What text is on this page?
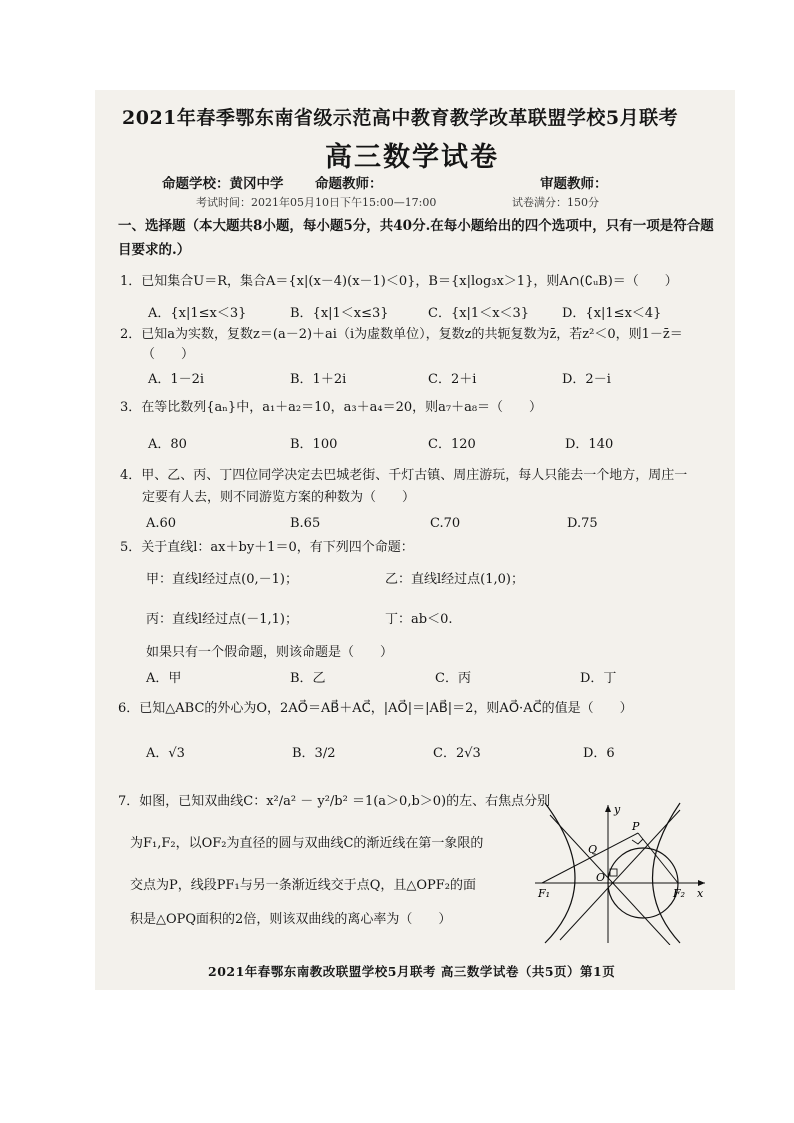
2021年春季鄂东南省级示范高中教育教学改革联盟学校5月联考
高三数学试卷
命题学校：黄冈中学 命题教师：	审题教师：
考试时间：2021年05月10日下午15:00—17:00	试卷满分：150分
一、选择题（本大题共8小题，每小题5分，共40分.在每小题给出的四个选项中，只有一项是符合题目要求的.）
1．已知集合U＝R，集合A＝{x|(x－4)(x－1)＜0}，B＝{x|log₃x＞1}，则A∩(∁ᵤB)＝（　　）
A．{x|1≤x＜3}	B．{x|1＜x≤3}	C．{x|1＜x＜3}	D．{x|1≤x＜4}
2．已知a为实数，复数z＝(a－2)＋ai（i为虚数单位），复数z的共轭复数为z̄，若z²＜0，则1－z̄＝
（　　）
A．1－2i	B．1＋2i	C．2＋i	D．2－i
3．在等比数列{aₙ}中，a₁＋a₂＝10，a₃＋a₄＝20，则a₇＋a₈＝（　　）
A．80	B．100	C．120	D．140
4．甲、乙、丙、丁四位同学决定去巴城老街、千灯古镇、周庄游玩，每人只能去一个地方，周庄一
定要有人去，则不同游览方案的种数为（　　）
A.60	B.65	C.70	D.75
5．关于直线l：ax＋by＋1＝0，有下列四个命题：
甲：直线l经过点(0,－1)；	乙：直线l经过点(1,0)；
丙：直线l经过点(－1,1)；	丁：ab＜0.
如果只有一个假命题，则该命题是（　　）
A．甲	B．乙	C．丙	D．丁
6．已知△ABC的外心为O，2AO⃗＝AB⃗＋AC⃗，|AO⃗|＝|AB⃗|＝2，则AO⃗·AC⃗的值是（　　）
A．√3	B．3/2	C．2√3	D．6
7．如图，已知双曲线C：x²/a² － y²/b² ＝1(a＞0,b＞0)的左、右焦点分别
为F₁,F₂，以OF₂为直径的圆与双曲线C的渐近线在第一象限的
交点为P，线段PF₁与另一条渐近线交于点Q，且△OPF₂的面
积是△OPQ面积的2倍，则该双曲线的离心率为（　　）
y
x
P
Q
O
F₁	F₂
2021年春鄂东南教改联盟学校5月联考 高三数学试卷（共5页）第1页
